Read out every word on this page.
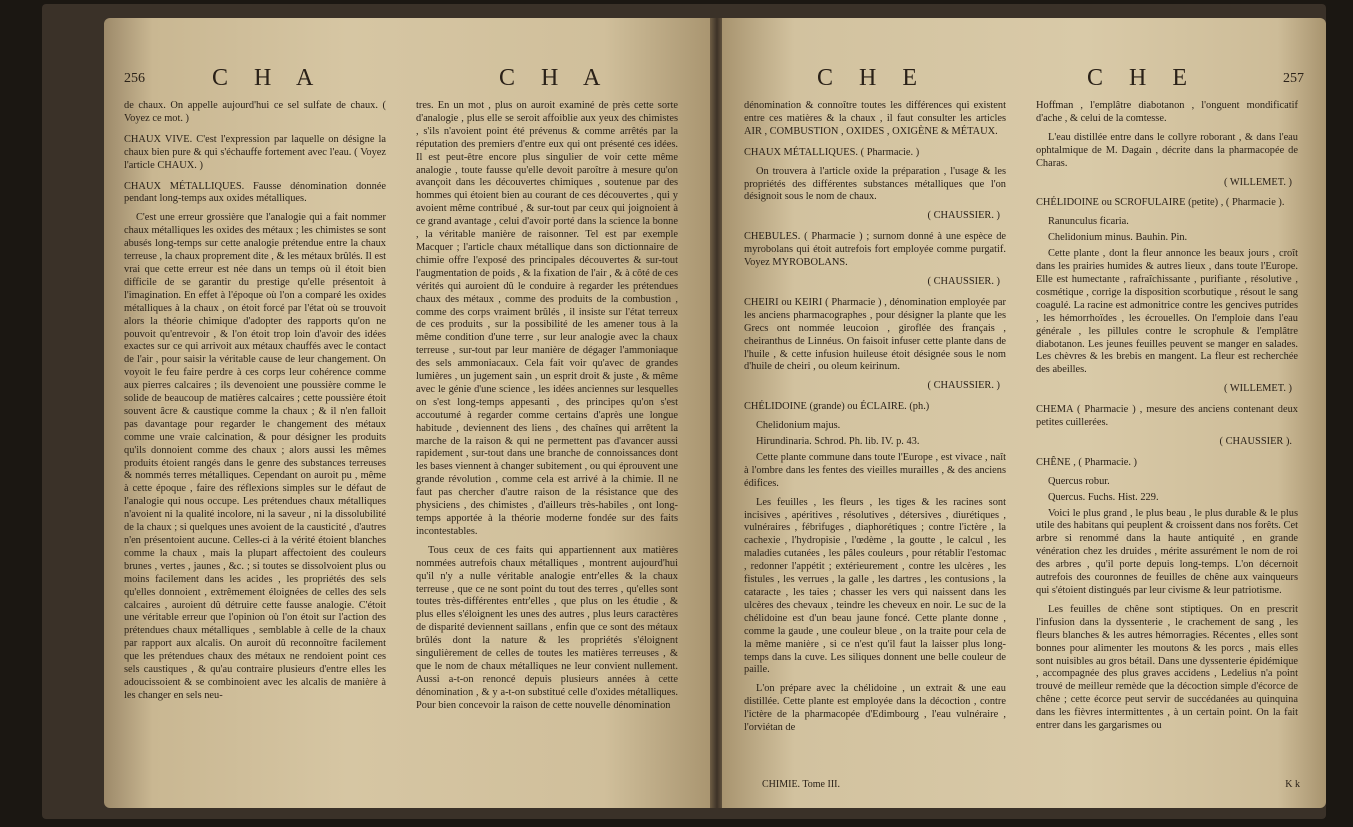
256	C H A	C H A

de chaux. On appelle aujourd'hui ce sel sulfate de chaux. ( Voyez ce mot. )

CHAUX VIVE. C'est l'expression par laquelle on désigne la chaux bien pure & qui s'échauffe fortement avec l'eau. ( Voyez l'article CHAUX. )

CHAUX MÉTALLIQUES. Fausse dénomination donnée pendant long-temps aux oxides métalliques.

C'est une erreur grossière que l'analogie qui a fait nommer chaux métalliques les oxides des métaux ; les chimistes se sont abusés long-temps sur cette analogie prétendue entre la chaux terreuse , la chaux proprement dite , & les métaux brûlés. Il est vrai que cette erreur est née dans un temps où il étoit bien difficile de se garantir du prestige qu'elle présentoit à l'imagination. En effet à l'époque où l'on a comparé les oxides métalliques à la chaux , on étoit forcé par l'état où se trouvoit alors la théorie chimique d'adopter des rapports qu'on ne pouvoit qu'entrevoir , & l'on étoit trop loin d'avoir des idées exactes sur ce qui arrivoit aux métaux chauffés avec le contact de l'air , pour saisir la véritable cause de leur changement. On voyoit le feu faire perdre à ces corps leur cohérence comme aux pierres calcaires ; ils devenoient une poussière comme le solide de beaucoup de matières calcaires ; cette poussière étoit souvent âcre & caustique comme la chaux ; & il n'en falloit pas davantage pour regarder le changement des métaux comme une vraie calcination, & pour désigner les produits qu'ils donnoient comme des chaux ; alors aussi les mêmes produits étoient rangés dans le genre des substances terreuses & nommés terres métalliques. Cependant on auroit pu , même à cette époque , faire des réflexions simples sur le défaut de l'analogie qui nous occupe. Les prétendues chaux métalliques n'avoient ni la qualité incolore, ni la saveur , ni la dissolubilité de la chaux ; si quelques unes avoient de la causticité , d'autres n'en présentoient aucune. Celles-ci à la vérité étoient blanches comme la chaux , mais la plupart affectoient des couleurs brunes , vertes , jaunes , &c. ; si toutes se dissolvoient plus ou moins facilement dans les acides , les propriétés des sels qu'elles donnoient , extrêmement éloignées de celles des sels calcaires , auroient dû détruire cette fausse analogie. C'étoit une véritable erreur que l'opinion où l'on étoit sur l'action des prétendues chaux métalliques , semblable à celle de la chaux par rapport aux alcalis. On auroit dû reconnoître facilement que les prétendues chaux des métaux ne rendoient point ces sels caustiques , & qu'au contraire plusieurs d'entre elles les adoucissoient & se combinoient avec les alcalis de manière à les changer en sels neu-

tres. En un mot , plus on auroit examiné de près cette sorte d'analogie , plus elle se seroit affoiblie aux yeux des chimistes , s'ils n'avoient point été prévenus & comme arrêtés par la réputation des premiers d'entre eux qui ont présenté ces idées. Il est peut-être encore plus singulier de voir cette même analogie , toute fausse qu'elle devoit paroître à mesure qu'on avançoit dans les découvertes chimiques , soutenue par des hommes qui étoient bien au courant de ces découvertes , qui y avoient même contribué , & sur-tout par ceux qui joignoient à ce grand avantage , celui d'avoir porté dans la science la bonne , la véritable manière de raisonner. Tel est par exemple Macquer ; l'article chaux métallique dans son dictionnaire de chimie offre l'exposé des principales découvertes & sur-tout l'augmentation de poids , & la fixation de l'air , & à côté de ces vérités qui auroient dû le conduire à regarder les prétendues chaux des métaux , comme des produits de la combustion , comme des corps vraiment brûlés , il insiste sur l'état terreux de ces produits , sur la possibilité de les amener tous à la même condition d'une terre , sur leur analogie avec la chaux terreuse , sur-tout par leur manière de dégager l'ammoniaque des sels ammoniacaux. Cela fait voir qu'avec de grandes lumières , un jugement sain , un esprit droit & juste , & même avec le génie d'une science , les idées anciennes sur lesquelles on s'est long-temps appesanti , des principes qu'on s'est accoutumé à regarder comme certains d'après une longue habitude , deviennent des liens , des chaînes qui arrêtent la marche de la raison & qui ne permettent pas d'avancer aussi rapidement , sur-tout dans une branche de connoissances dont les bases viennent à changer subitement , ou qui éprouvent une grande révolution , comme cela est arrivé à la chimie. Il ne faut pas chercher d'autre raison de la résistance que des physiciens , des chimistes , d'ailleurs très-habiles , ont long-temps apportée à la théorie moderne fondée sur des faits incontestables.

Tous ceux de ces faits qui appartiennent aux matières nommées autrefois chaux métalliques , montrent aujourd'hui qu'il n'y a nulle véritable analogie entr'elles & la chaux terreuse , que ce ne sont point du tout des terres , qu'elles sont toutes très-différentes entr'elles , que plus on les étudie , & plus elles s'éloignent les unes des autres , plus leurs caractères de disparité deviennent saillans , enfin que ce sont des métaux brûlés dont la nature & les propriétés s'éloignent singulièrement de celles de toutes les matières terreuses , & que le nom de chaux métalliques ne leur convient nullement. Aussi a-t-on renoncé depuis plusieurs années à cette dénomination , & y a-t-on substitué celle d'oxides métalliques. Pour bien concevoir la raison de cette nouvelle dénomination

C H E	C H E	257

dénomination & connoître toutes les différences qui existent entre ces matières & la chaux , il faut consulter les articles AIR , COMBUSTION , OXIDES , OXIGÈNE & MÉTAUX.

CHAUX MÉTALLIQUES. ( Pharmacie. )

On trouvera à l'article oxide la préparation , l'usage & les propriétés des différentes substances métalliques que l'on désignoit sous le nom de chaux.

( CHAUSSIER. )

CHEBULES. ( Pharmacie ) ; surnom donné à une espèce de myrobolans qui étoit autrefois fort employée comme purgatif. Voyez MYROBOLANS.

( CHAUSSIER. )

CHEIRI ou KEIRI ( Pharmacie ) , dénomination employée par les anciens pharmacographes , pour désigner la plante que les Grecs ont nommée leucoion , giroflée des français , cheiranthus de Linnéus. On faisoit infuser cette plante dans de l'huile , & cette infusion huileuse étoit désignée sous le nom d'huile de cheiri , ou oleum keirinum.

( CHAUSSIER. )

CHÉLIDOINE (grande) ou ÉCLAIRE. (ph.)

Chelidonium majus.

Hirundinaria. Schrod. Ph. lib. IV. p. 43.

Cette plante commune dans toute l'Europe , est vivace , naît à l'ombre dans les fentes des vieilles murailles , & des anciens édifices.

Les feuilles , les fleurs , les tiges & les racines sont incisives , apéritives , résolutives , détersives , diurétiques , vulnéraires , fébrifuges , diaphorétiques ; contre l'ictère , la cachexie , l'hydropisie , l'œdème , la goutte , le calcul , les maladies cutanées , les pâles couleurs , pour rétablir l'estomac , redonner l'appétit ; extérieurement , contre les ulcères , les fistules , les verrues , la galle , les dartres , les contusions , la cataracte , les taies ; chasser les vers qui naissent dans les ulcères des chevaux , teindre les cheveux en noir. Le suc de la chélidoine est d'un beau jaune foncé. Cette plante donne , comme la gaude , une couleur bleue , on la traite pour cela de la même manière , si ce n'est qu'il faut la laisser plus long-temps dans la cuve. Les siliques donnent une belle couleur de paille.

L'on prépare avec la chélidoine , un extrait & une eau distillée. Cette plante est employée dans la décoction , contre l'ictère de la pharmacopée d'Edimbourg , l'eau vulnéraire , l'orviétan de

Hoffman , l'emplâtre diabotanon , l'onguent mondificatif d'ache , & celui de la comtesse.

L'eau distillée entre dans le collyre roborant , & dans l'eau ophtalmique de M. Dagain , décrite dans la pharmacopée de Charas.

( WILLEMET. )

CHÉLIDOINE ou SCROFULAIRE (petite) , ( Pharmacie ).

Ranunculus ficaria.

Chelidonium minus. Bauhin. Pin.

Cette plante , dont la fleur annonce les beaux jours , croît dans les prairies humides & autres lieux , dans toute l'Europe. Elle est humectante , rafraîchissante , purifiante , résolutive , cosmétique , corrige la disposition scorbutique , résout le sang coagulé. La racine est admonitrice contre les gencives putrides , les hémorrhoïdes , les écrouelles. On l'emploie dans l'eau générale , les pillules contre le scrophule & l'emplâtre diabotanon. Les jeunes feuilles peuvent se manger en salades. Les chèvres & les brebis en mangent. La fleur est recherchée des abeilles.

( WILLEMET. )

CHEMA ( Pharmacie ) , mesure des anciens contenant deux petites cuillerées.

( CHAUSSIER ).

CHÊNE , ( Pharmacie. )

Quercus robur.

Quercus. Fuchs. Hist. 229.

Voici le plus grand , le plus beau , le plus durable & le plus utile des habitans qui peuplent & croissent dans nos forêts. Cet arbre si renommé dans la haute antiquité , en grande vénération chez les druides , mérite assurément le nom de roi des arbres , qu'il porte depuis long-temps. L'on décernoit autrefois des couronnes de feuilles de chêne aux vainqueurs qui s'étoient distingués par leur civisme & leur patriotisme.

Les feuilles de chêne sont stiptiques. On en prescrit l'infusion dans la dyssenterie , le crachement de sang , les fleurs blanches & les autres hémorragies. Récentes , elles sont bonnes pour alimenter les moutons & les porcs , mais elles sont nuisibles au gros bétail. Dans une dyssenterie épidémique , accompagnée des plus graves accidens , Ledelius n'a point trouvé de meilleur remède que la décoction simple d'écorce de chêne ; cette écorce peut servir de succédanées au quinquina dans les fièvres intermittentes , à un certain point. On la fait entrer dans les gargarismes ou

CHIMIE. Tome III.	K k
